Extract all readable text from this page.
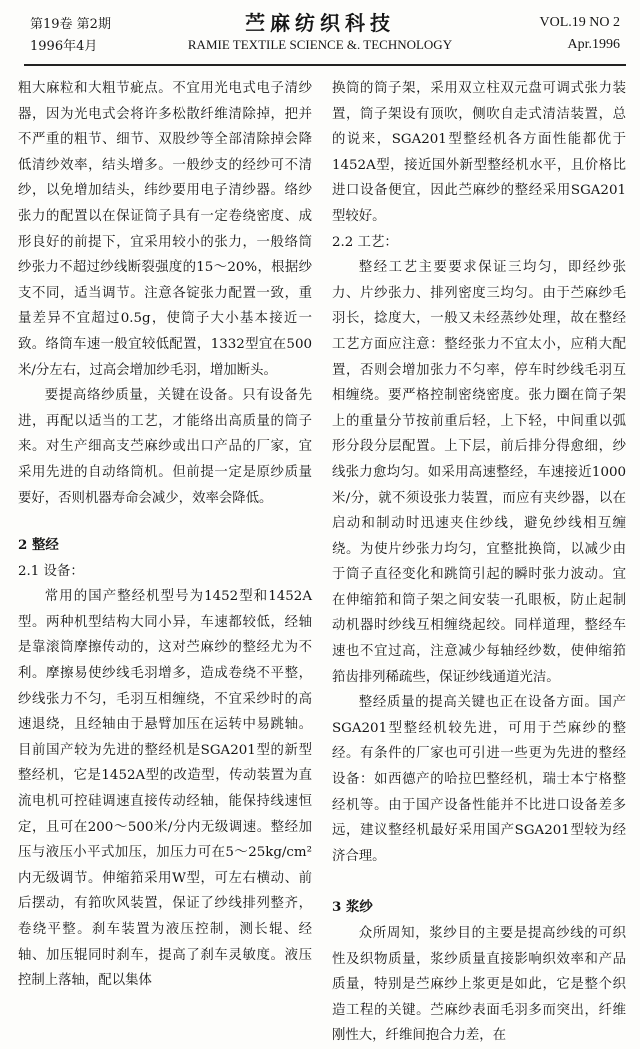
第19卷 第2期
1996年4月
苎麻纺织科技
RAMIE TEXTILE SCIENCE &. TECHNOLOGY
VOL.19 NO 2
Apr.1996

粗大麻粒和大粗节疵点。不宜用光电式电子清纱器，因为光电式会将许多松散纤维清除掉，把并不严重的粗节、细节、双股纱等全部清除掉会降低清纱效率，结头增多。一般纱支的经纱可不清纱，以免增加结头，纬纱要用电子清纱器。络纱张力的配置以在保证筒子具有一定卷绕密度、成形良好的前提下，宜采用较小的张力，一般络筒纱张力不超过纱线断裂强度的15～20%，根据纱支不同，适当调节。注意各锭张力配置一致，重量差异不宜超过0.5g，使筒子大小基本接近一致。络筒车速一般宜较低配置，1332型宜在500米/分左右，过高会增加纱毛羽，增加断头。

要提高络纱质量，关键在设备。只有设备先进，再配以适当的工艺，才能络出高质量的筒子来。对生产细高支苎麻纱或出口产品的厂家，宜采用先进的自动络筒机。但前提一定是原纱质量要好，否则机器寿命会减少，效率会降低。

2 整经

2.1 设备：

常用的国产整经机型号为1452型和1452A型。两种机型结构大同小异，车速都较低，经轴是靠滚筒摩擦传动的，这对苎麻纱的整经尤为不利。摩擦易使纱线毛羽增多，造成卷绕不平整，纱线张力不匀，毛羽互相缠绕，不宜采纱时的高速退绕，且经轴由于悬臂加压在运转中易跳轴。目前国产较为先进的整经机是SGA201型的新型整经机，它是1452A型的改造型，传动装置为直流电机可控硅调速直接传动经轴，能保持线速恒定，且可在200～500米/分内无级调速。整经加压与液压小平式加压，加压力可在5～25kg/cm² 内无级调节。伸缩筘采用W型，可左右横动、前后摆动，有筘吹风装置，保证了纱线排列整齐，卷绕平整。刹车装置为液压控制，测长辊、经轴、加压辊同时刹车，提高了刹车灵敏度。液压控制上落轴，配以集体

换筒的筒子架，采用双立柱双元盘可调式张力装置，筒子架设有顶吹，侧吹自走式清洁装置，总的说来，SGA201型整经机各方面性能都优于1452A型，接近国外新型整经机水平，且价格比进口设备便宜，因此苎麻纱的整经采用SGA201型较好。

2.2 工艺：

整经工艺主要要求保证三均匀，即经纱张力、片纱张力、排列密度三均匀。由于苎麻纱毛羽长，捻度大，一般又未经蒸纱处理，故在整经工艺方面应注意：整经张力不宜太小，应稍大配置，否则会增加张力不匀率，停车时纱线毛羽互相缠绕。要严格控制密绕密度。张力圈在筒子架上的重量分节按前重后轻，上下轻，中间重以弧形分段分层配置。上下层，前后排分得愈细，纱线张力愈均匀。如采用高速整经，车速接近1000米/分，就不须设张力装置，而应有夹纱器，以在启动和制动时迅速夹住纱线，避免纱线相互缠绕。为使片纱张力均匀，宜整批换筒，以减少由于筒子直径变化和跳筒引起的瞬时张力波动。宜在伸缩筘和筒子架之间安装一孔眼板，防止起制动机器时纱线互相缠绕起绞。同样道理，整经车速也不宜过高，注意减少每轴经纱数，使伸缩筘筘齿排列稀疏些，保证纱线通道光洁。

整经质量的提高关键也正在设备方面。国产SGA201型整经机较先进，可用于苎麻纱的整经。有条件的厂家也可引进一些更为先进的整经设备：如西德产的哈拉巴整经机，瑞士本宁格整经机等。由于国产设备性能并不比进口设备差多远，建议整经机最好采用国产SGA201型较为经济合理。

3 浆纱

众所周知，浆纱目的主要是提高纱线的可织性及织物质量，浆纱质量直接影响织效率和产品质量，特别是苎麻纱上浆更是如此，它是整个织造工程的关键。苎麻纱表面毛羽多而突出，纤维刚性大，纤维间抱合力差，在
